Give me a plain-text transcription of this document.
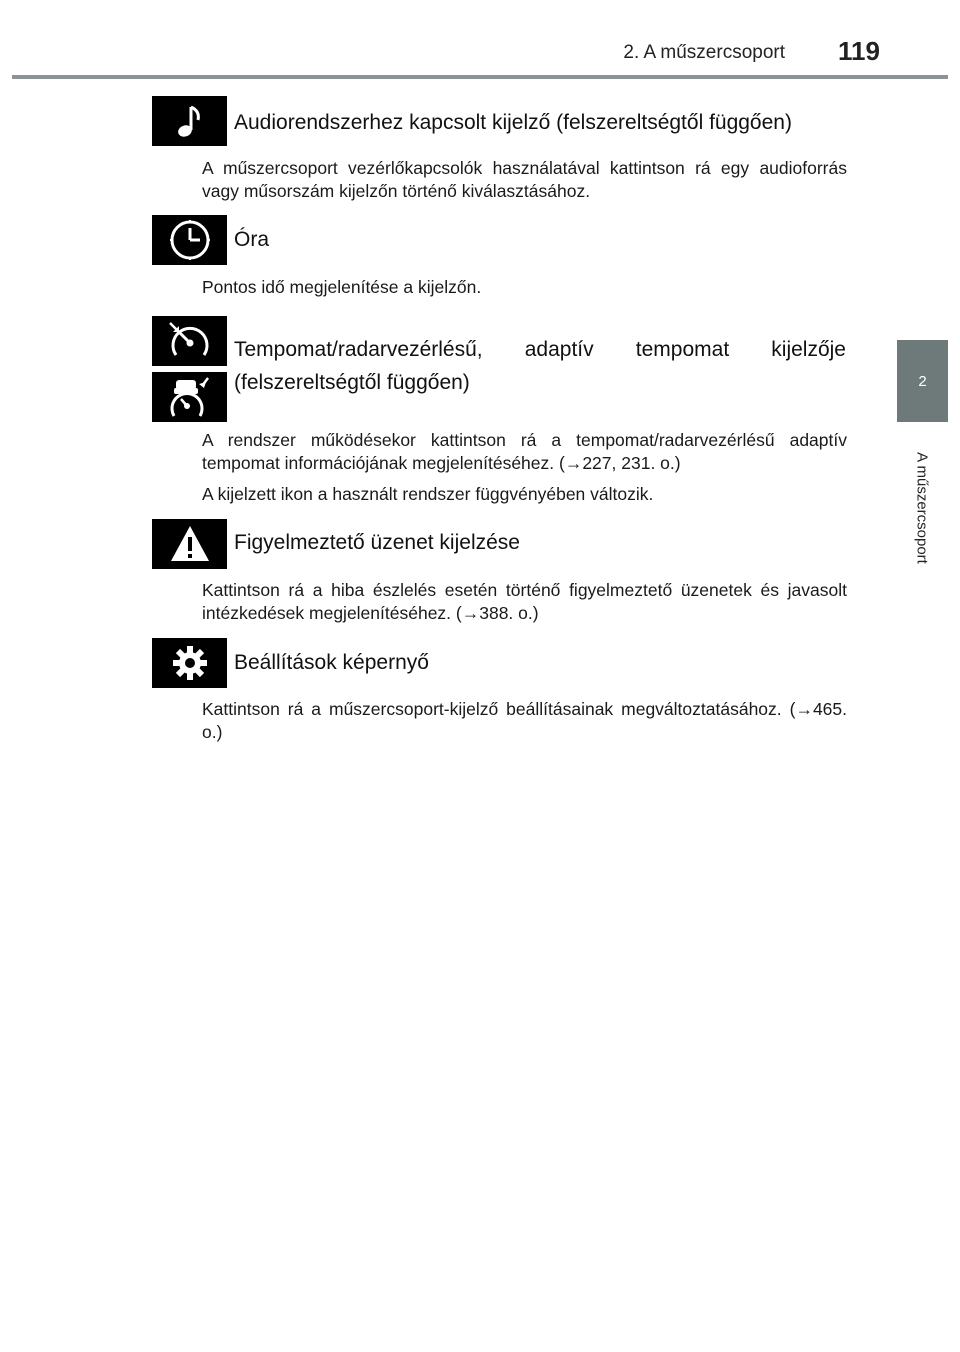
2. A műszercsoport 119
2
A műszercsoport
Audiorendszerhez kapcsolt kijelző (felszereltségtől függően)
A műszercsoport vezérlőkapcsolók használatával kattintson rá egy audioforrás vagy műsorszám kijelzőn történő kiválasztásához.
Óra
Pontos idő megjelenítése a kijelzőn.
Tempomat/radarvezérlésű, adaptív tempomat kijelzője (felszereltségtől függően)
A rendszer működésekor kattintson rá a tempomat/radarvezérlésű adaptív tempomat információjának megjelenítéséhez. (→227, 231. o.)
A kijelzett ikon a használt rendszer függvényében változik.
Figyelmeztető üzenet kijelzése
Kattintson rá a hiba észlelés esetén történő figyelmeztető üzenetek és javasolt intézkedések megjelenítéséhez. (→388. o.)
Beállítások képernyő
Kattintson rá a műszercsoport-kijelző beállításainak megváltoztatásához. (→465. o.)
